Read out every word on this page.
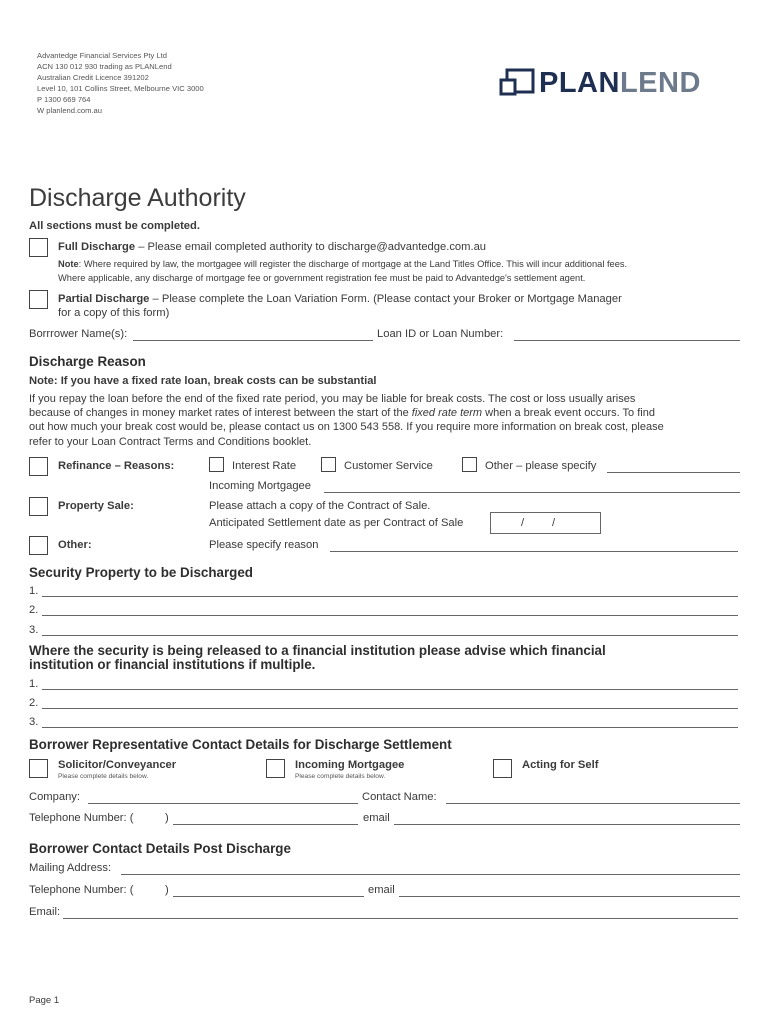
Advantedge Financial Services Pty Ltd
ACN 130 012 930 trading as PLANLend
Australian Credit Licence 391202
Level 10, 101 Collins Street, Melbourne VIC 3000
P 1300 669 764
W planlend.com.au
PLANLEND
Discharge Authority
All sections must be completed.
Full Discharge – Please email completed authority to discharge@advantedge.com.au
Note: Where required by law, the mortgagee will register the discharge of mortgage at the Land Titles Office. This will incur additional fees.
Where applicable, any discharge of mortgage fee or government registration fee must be paid to Advantedge's settlement agent.
Partial Discharge – Please complete the Loan Variation Form. (Please contact your Broker or Mortgage Manager
for a copy of this form)
Borrrower Name(s):	Loan ID or Loan Number:
Discharge Reason
Note: If you have a fixed rate loan, break costs can be substantial
If you repay the loan before the end of the fixed rate period, you may be liable for break costs. The cost or loss usually arises
because of changes in money market rates of interest between the start of the fixed rate term when a break event occurs. To find
out how much your break cost would be, please contact us on 1300 543 558. If you require more information on break cost, please
refer to your Loan Contract Terms and Conditions booklet.
Refinance – Reasons:	Interest Rate	Customer Service	Other – please specify
Incoming Mortgagee
Property Sale:	Please attach a copy of the Contract of Sale.
Anticipated Settlement date as per Contract of Sale	/ /
Other:	Please specify reason
Security Property to be Discharged
1.
2.
3.
Where the security is being released to a financial institution please advise which financial
institution or financial institutions if multiple.
1.
2.
3.
Borrower Representative Contact Details for Discharge Settlement
Solicitor/Conveyancer
Please complete details below.
Incoming Mortgagee
Please complete details below.
Acting for Self
Company:	Contact Name:
Telephone Number: (	)	email
Borrower Contact Details Post Discharge
Mailing Address:
Telephone Number: (	)	email
Email:
Page 1
